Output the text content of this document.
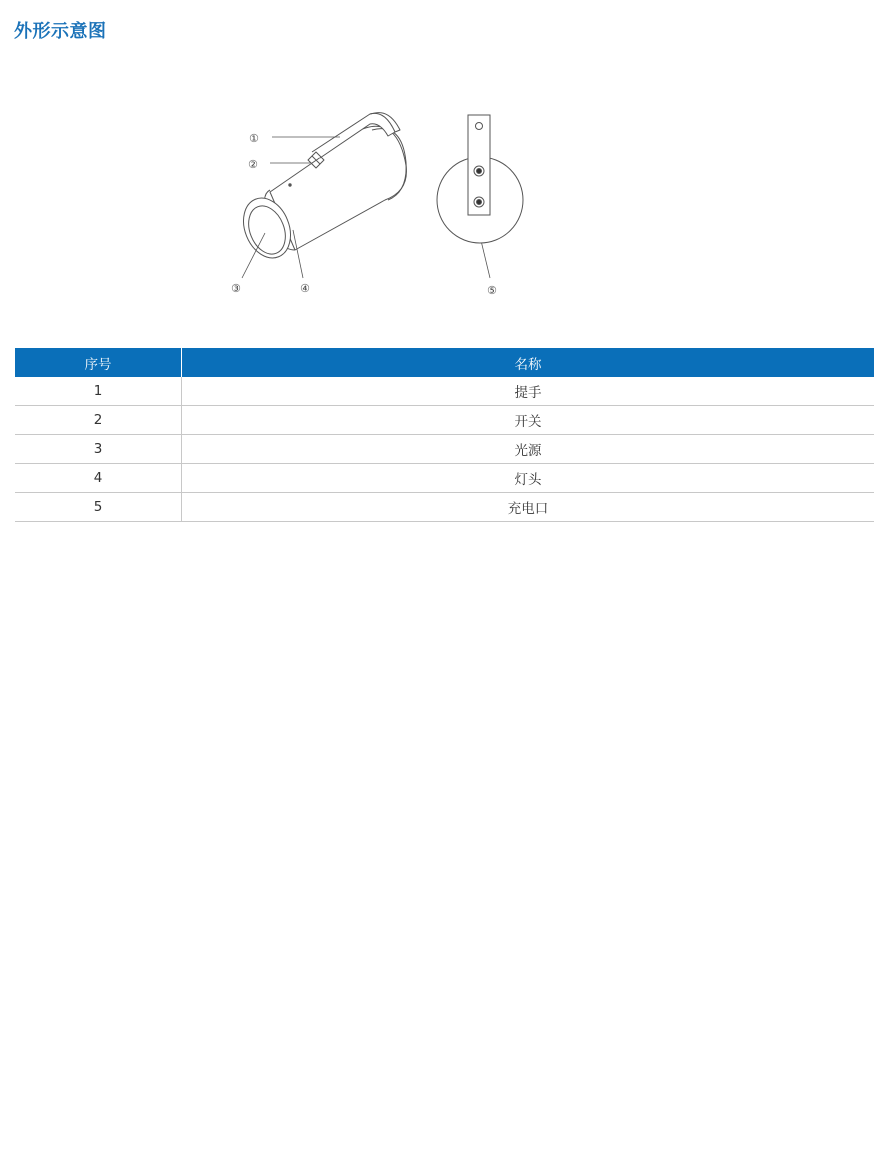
外形示意图
①
②
③	④	⑤
序号	名称
1	提手
2	开关
3	光源
4	灯头
5	充电口
